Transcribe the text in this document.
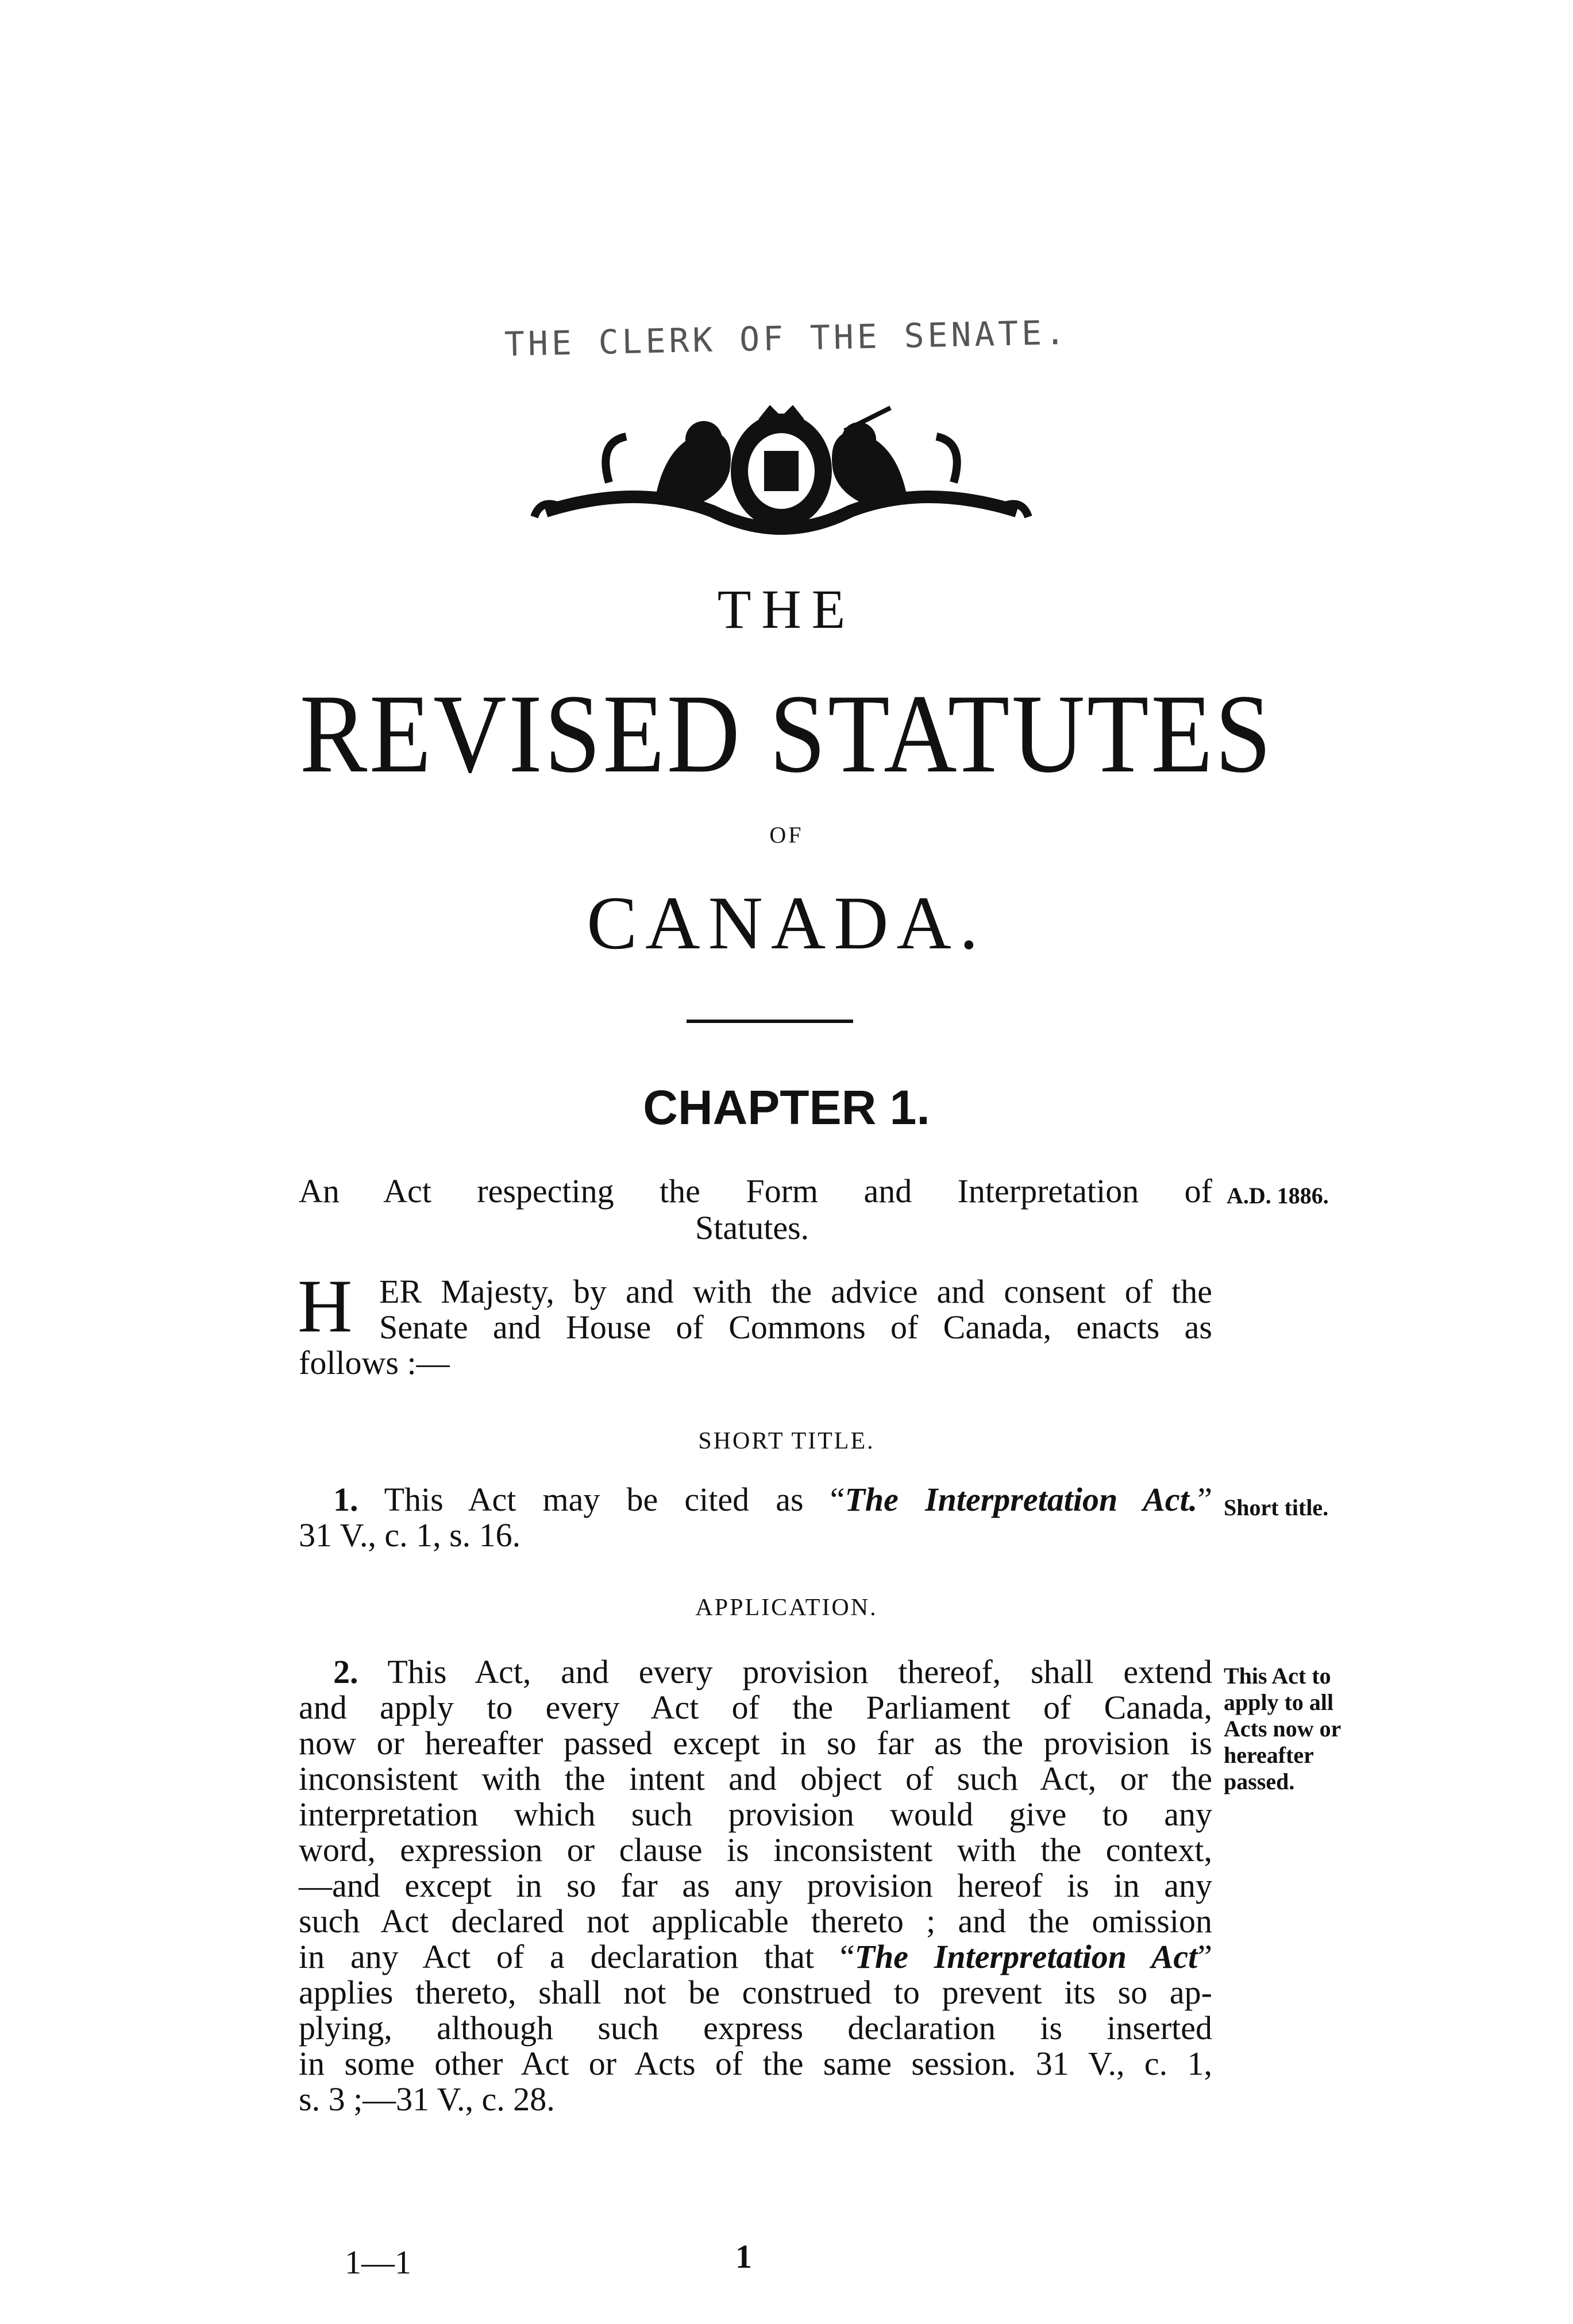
THE CLERK OF THE SENATE.
THE
REVISED STATUTES
OF
CANADA.
CHAPTER 1.
An Act respecting the Form and Interpretation of
Statutes.
A.D. 1886.
H ER Majesty, by and with the advice and consent of the
Senate and House of Commons of Canada, enacts as
follows :—
SHORT TITLE.
1. This Act may be cited as “The Interpretation Act.”
31 V., c. 1, s. 16.
Short title.
APPLICATION.
2. This Act, and every provision thereof, shall extend
and apply to every Act of the Parliament of Canada,
now or hereafter passed except in so far as the provision is
inconsistent with the intent and object of such Act, or the
interpretation which such provision would give to any
word, expression or clause is inconsistent with the context,
—and except in so far as any provision hereof is in any
such Act declared not applicable thereto ; and the omission
in any Act of a declaration that “The Interpretation Act”
applies thereto, shall not be construed to prevent its so ap-
plying, although such express declaration is inserted
in some other Act or Acts of the same session. 31 V., c. 1,
s. 3 ;—31 V., c. 28.
This Act to
apply to all
Acts now or
hereafter
passed.
1—1	1
